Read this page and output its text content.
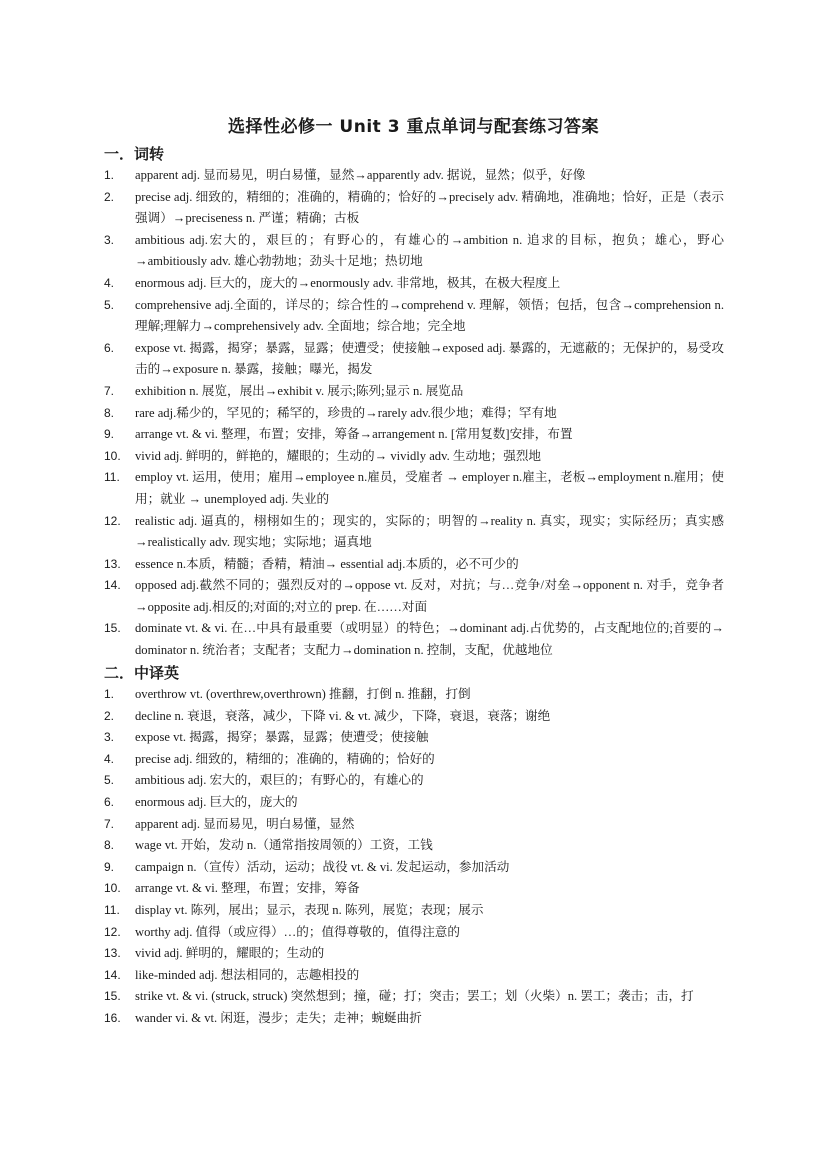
选择性必修一 Unit 3 重点单词与配套练习答案
一．词转
1. apparent adj. 显而易见，明白易懂，显然→apparently adv. 据说，显然；似乎，好像
2. precise adj. 细致的，精细的；准确的，精确的；恰好的→precisely adv. 精确地，准确地；恰好，正是（表示强调）→preciseness n. 严谨；精确；古板
3. ambitious adj.宏大的，艰巨的；有野心的，有雄心的→ambition n. 追求的目标，抱负；雄心，野心→ambitiously adv. 雄心勃勃地；劲头十足地；热切地
4. enormous adj. 巨大的，庞大的→enormously adv. 非常地，极其，在极大程度上
5. comprehensive adj.全面的，详尽的；综合性的→comprehend v. 理解，领悟；包括，包含→comprehension n.理解;理解力→comprehensively adv. 全面地；综合地；完全地
6. expose vt. 揭露，揭穿；暴露，显露；使遭受；使接触→exposed adj. 暴露的，无遮蔽的；无保护的，易受攻击的→exposure n. 暴露，接触；曝光，揭发
7. exhibition n. 展览，展出→exhibit v. 展示;陈列;显示 n. 展览品
8. rare adj.稀少的，罕见的；稀罕的，珍贵的→rarely adv.很少地；难得；罕有地
9. arrange vt. & vi. 整理，布置；安排，筹备→arrangement n. [常用复数]安排，布置
10. vivid adj. 鲜明的，鲜艳的，耀眼的；生动的→ vividly adv. 生动地；强烈地
11. employ vt. 运用，使用；雇用→employee n.雇员，受雇者 → employer n.雇主，老板→employment n.雇用；使用；就业 → unemployed adj. 失业的
12. realistic adj. 逼真的，栩栩如生的；现实的，实际的；明智的→reality n. 真实，现实；实际经历；真实感→realistically adv. 现实地；实际地；逼真地
13. essence n.本质，精髓；香精，精油→ essential adj.本质的，必不可少的
14. opposed adj.截然不同的；强烈反对的→oppose vt. 反对，对抗；与…竞争/对垒→opponent n. 对手，竞争者→opposite adj.相反的;对面的;对立的 prep. 在……对面
15. dominate vt. & vi. 在…中具有最重要（或明显）的特色；→dominant adj.占优势的，占支配地位的;首要的→ dominator n. 统治者；支配者；支配力→domination n. 控制，支配，优越地位
二．中译英
1. overthrow vt. (overthrew,overthrown) 推翻，打倒 n. 推翻，打倒
2. decline n. 衰退，衰落，减少，下降 vi. & vt. 减少，下降，衰退，衰落；谢绝
3. expose vt. 揭露，揭穿；暴露，显露；使遭受；使接触
4. precise adj. 细致的，精细的；准确的，精确的；恰好的
5. ambitious adj. 宏大的，艰巨的；有野心的，有雄心的
6. enormous adj. 巨大的，庞大的
7. apparent adj. 显而易见，明白易懂，显然
8. wage vt. 开始，发动 n.（通常指按周领的）工资，工钱
9. campaign n.（宣传）活动，运动；战役 vt. & vi. 发起运动，参加活动
10. arrange vt. & vi. 整理，布置；安排，筹备
11. display vt. 陈列，展出；显示，表现 n. 陈列，展览；表现；展示
12. worthy adj. 值得（或应得）…的；值得尊敬的，值得注意的
13. vivid adj. 鲜明的，耀眼的；生动的
14. like-minded adj. 想法相同的，志趣相投的
15. strike vt. & vi. (struck, struck) 突然想到；撞，碰；打；突击；罢工；划（火柴）n. 罢工；袭击；击，打
16. wander vi. & vt. 闲逛，漫步；走失；走神；蜿蜒曲折
